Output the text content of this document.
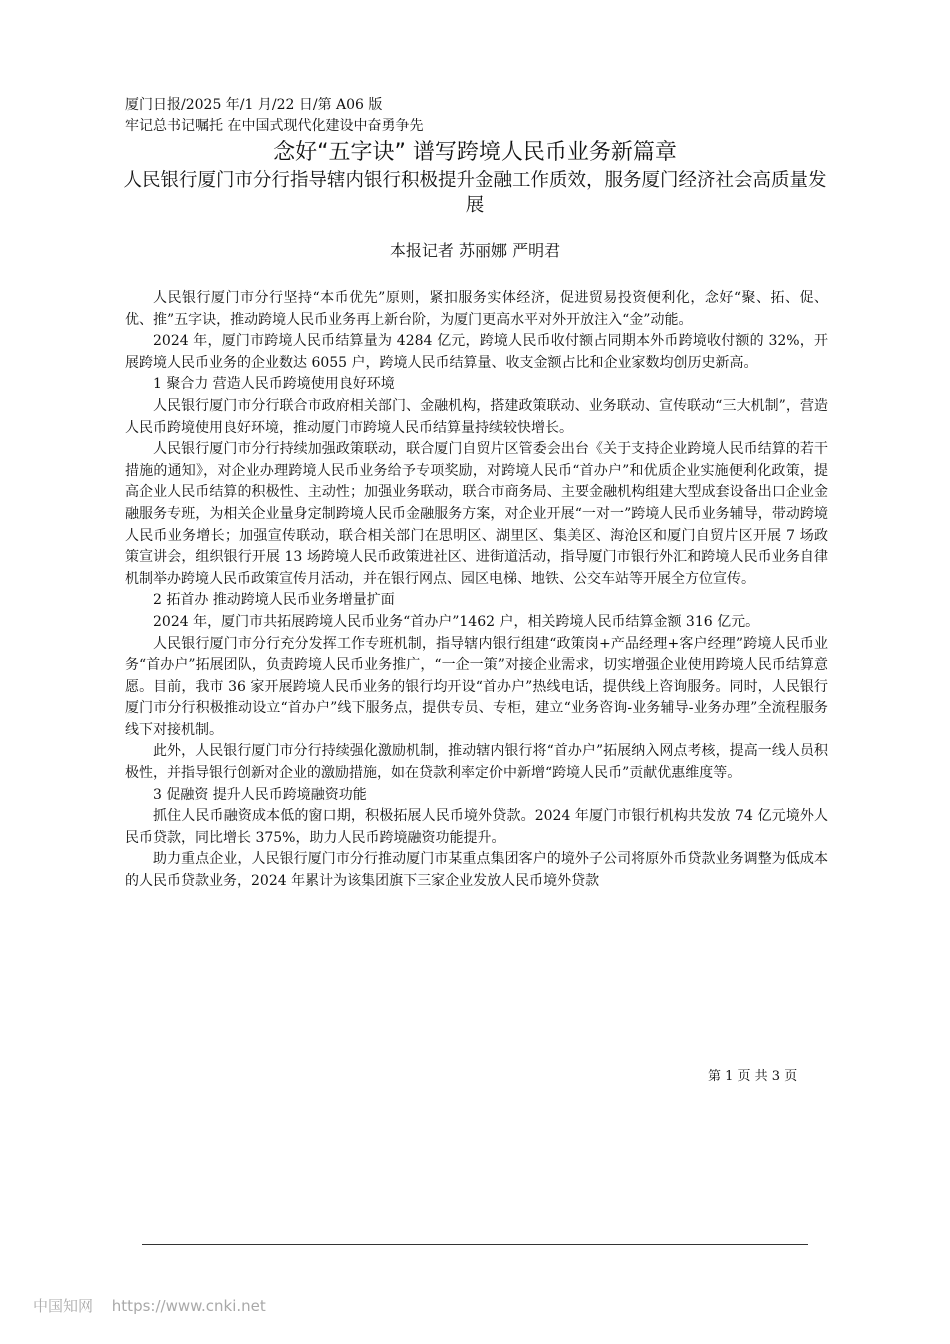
厦门日报/2025 年/1 月/22 日/第 A06 版
牢记总书记嘱托 在中国式现代化建设中奋勇争先
念好“五字诀” 谱写跨境人民币业务新篇章
人民银行厦门市分行指导辖内银行积极提升金融工作质效，服务厦门经济社会高质量发展
本报记者 苏丽娜 严明君

人民银行厦门市分行坚持“本币优先”原则，紧扣服务实体经济，促进贸易投资便利化，念好“聚、拓、促、优、推”五字诀，推动跨境人民币业务再上新台阶，为厦门更高水平对外开放注入“金”动能。

2024 年，厦门市跨境人民币结算量为 4284 亿元，跨境人民币收付额占同期本外币跨境收付额的 32%，开展跨境人民币业务的企业数达 6055 户，跨境人民币结算量、收支金额占比和企业家数均创历史新高。

1 聚合力 营造人民币跨境使用良好环境

人民银行厦门市分行联合市政府相关部门、金融机构，搭建政策联动、业务联动、宣传联动“三大机制”，营造人民币跨境使用良好环境，推动厦门市跨境人民币结算量持续较快增长。

人民银行厦门市分行持续加强政策联动，联合厦门自贸片区管委会出台《关于支持企业跨境人民币结算的若干措施的通知》，对企业办理跨境人民币业务给予专项奖励，对跨境人民币“首办户”和优质企业实施便利化政策，提高企业人民币结算的积极性、主动性；加强业务联动，联合市商务局、主要金融机构组建大型成套设备出口企业金融服务专班，为相关企业量身定制跨境人民币金融服务方案，对企业开展“一对一”跨境人民币业务辅导，带动跨境人民币业务增长；加强宣传联动，联合相关部门在思明区、湖里区、集美区、海沧区和厦门自贸片区开展 7 场政策宣讲会，组织银行开展 13 场跨境人民币政策进社区、进街道活动，指导厦门市银行外汇和跨境人民币业务自律机制举办跨境人民币政策宣传月活动，并在银行网点、园区电梯、地铁、公交车站等开展全方位宣传。

2 拓首办 推动跨境人民币业务增量扩面

2024 年，厦门市共拓展跨境人民币业务“首办户”1462 户，相关跨境人民币结算金额 316 亿元。

人民银行厦门市分行充分发挥工作专班机制，指导辖内银行组建“政策岗+产品经理+客户经理”跨境人民币业务“首办户”拓展团队，负责跨境人民币业务推广，“一企一策”对接企业需求，切实增强企业使用跨境人民币结算意愿。目前，我市 36 家开展跨境人民币业务的银行均开设“首办户”热线电话，提供线上咨询服务。同时，人民银行厦门市分行积极推动设立“首办户”线下服务点，提供专员、专柜，建立“业务咨询-业务辅导-业务办理”全流程服务线下对接机制。

此外，人民银行厦门市分行持续强化激励机制，推动辖内银行将“首办户”拓展纳入网点考核，提高一线人员积极性，并指导银行创新对企业的激励措施，如在贷款利率定价中新增“跨境人民币”贡献优惠维度等。

3 促融资 提升人民币跨境融资功能

抓住人民币融资成本低的窗口期，积极拓展人民币境外贷款。2024 年厦门市银行机构共发放 74 亿元境外人民币贷款，同比增长 375%，助力人民币跨境融资功能提升。

助力重点企业，人民银行厦门市分行推动厦门市某重点集团客户的境外子公司将原外币贷款业务调整为低成本的人民币贷款业务，2024 年累计为该集团旗下三家企业发放人民币境外贷款

第 1 页 共 3 页
中国知网 https://www.cnki.net
